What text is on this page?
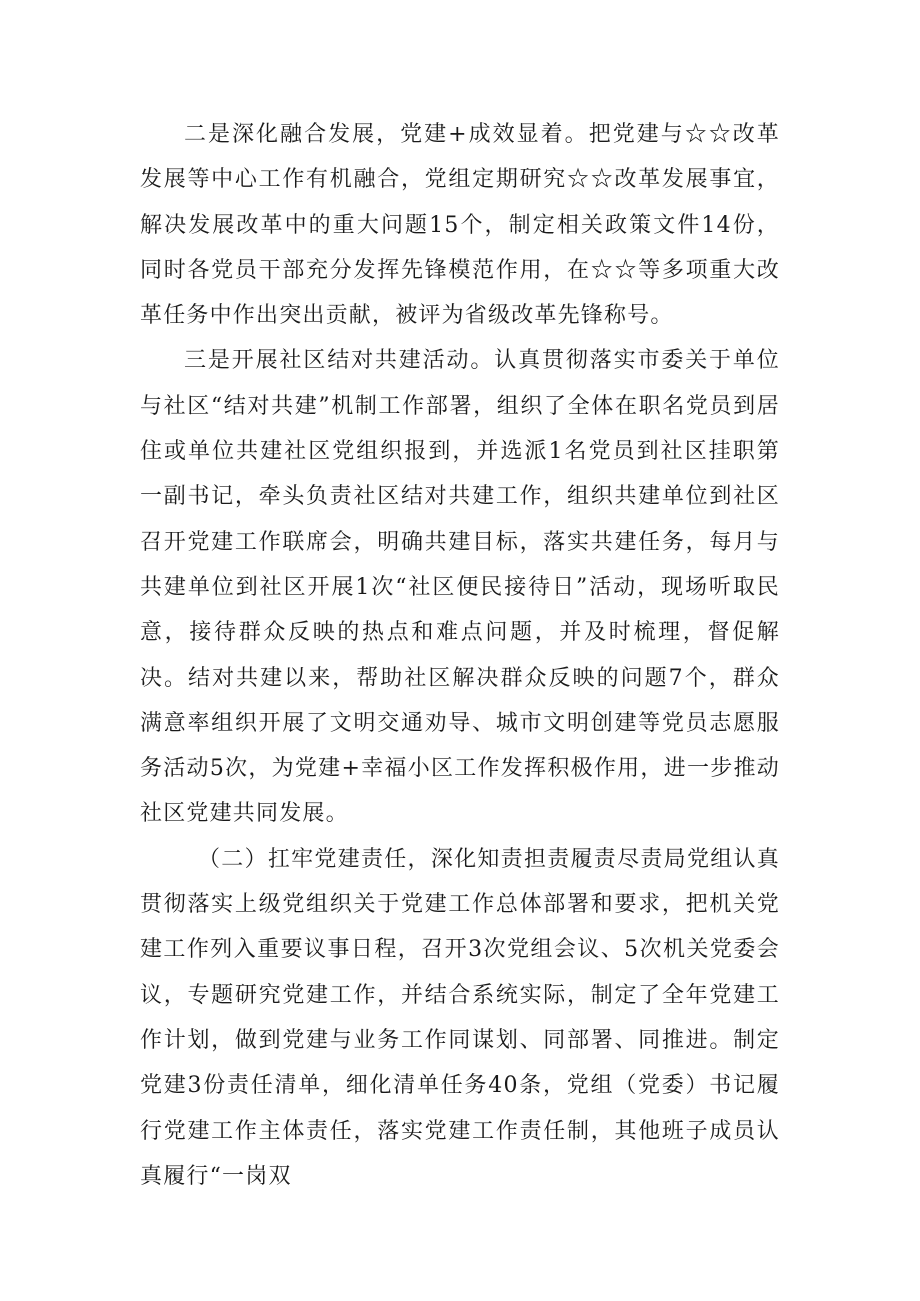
二是深化融合发展，党建+成效显着。把党建与☆☆改革发展等中心工作有机融合，党组定期研究☆☆改革发展事宜，解决发展改革中的重大问题15个，制定相关政策文件14份，同时各党员干部充分发挥先锋模范作用，在☆☆等多项重大改革任务中作出突出贡献，被评为省级改革先锋称号。

三是开展社区结对共建活动。认真贯彻落实市委关于单位与社区“结对共建”机制工作部署，组织了全体在职名党员到居住或单位共建社区党组织报到，并选派1名党员到社区挂职第一副书记，牵头负责社区结对共建工作，组织共建单位到社区召开党建工作联席会，明确共建目标，落实共建任务，每月与共建单位到社区开展1次“社区便民接待日”活动，现场听取民意，接待群众反映的热点和难点问题，并及时梳理，督促解决。结对共建以来，帮助社区解决群众反映的问题7个，群众满意率组织开展了文明交通劝导、城市文明创建等党员志愿服务活动5次，为党建+幸福小区工作发挥积极作用，进一步推动社区党建共同发展。

（二）扛牢党建责任，深化知责担责履责尽责局党组认真贯彻落实上级党组织关于党建工作总体部署和要求，把机关党建工作列入重要议事日程，召开3次党组会议、5次机关党委会议，专题研究党建工作，并结合系统实际，制定了全年党建工作计划，做到党建与业务工作同谋划、同部署、同推进。制定党建3份责任清单，细化清单任务40条，党组（党委）书记履行党建工作主体责任，落实党建工作责任制，其他班子成员认真履行“一岗双
